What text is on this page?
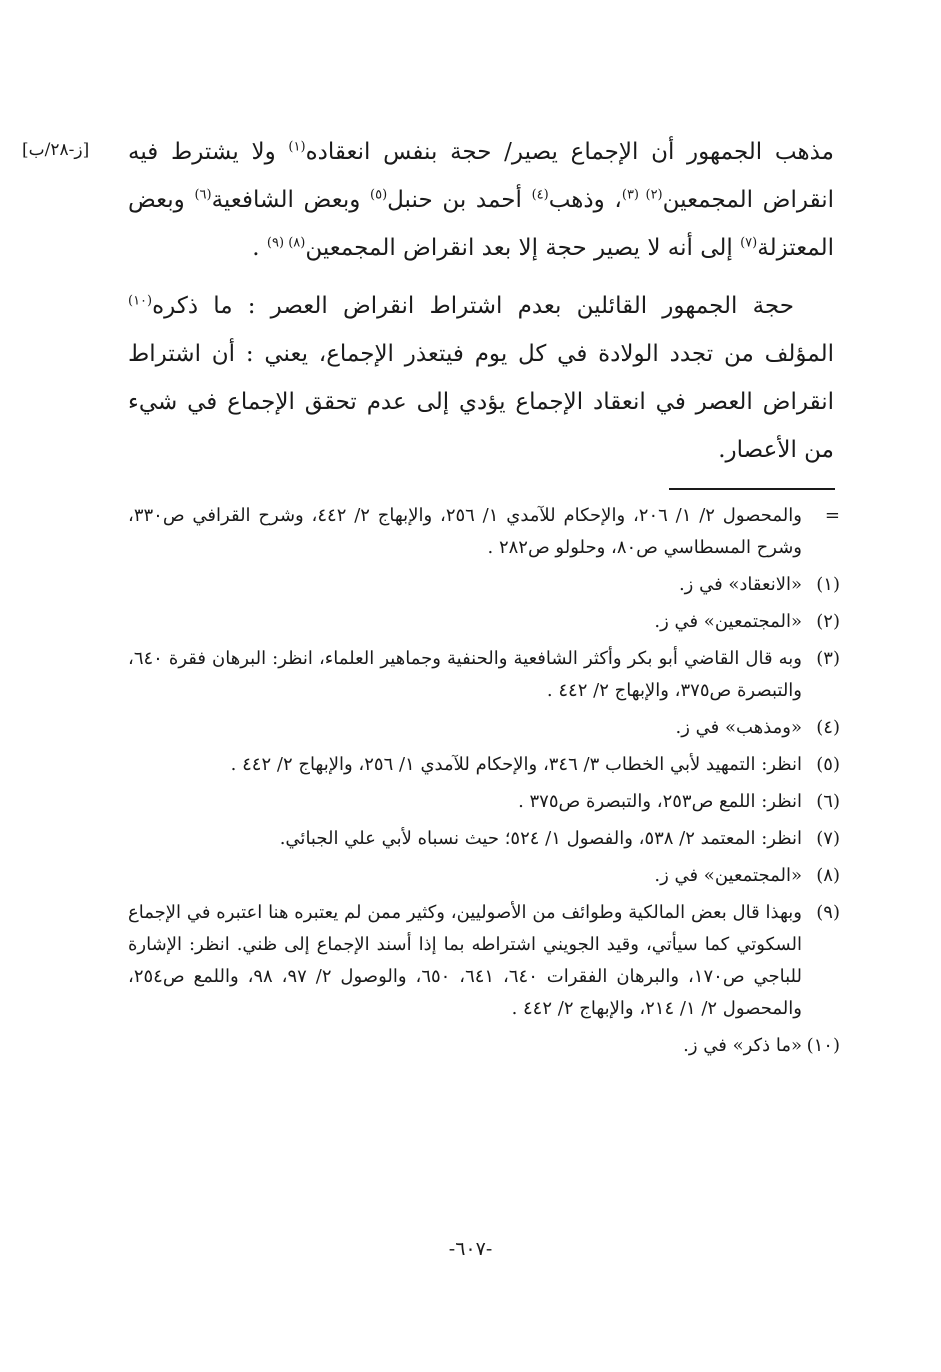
[ز-٢٨/ب]	مذهب الجمهور أن الإجماع يصير/ حجة بنفس انعقاده$^{(١)}$ ولا يشترط فيه انقراض المجمعين$^{(٢) (٣)}$، وذهب$^{(٤)}$ أحمد بن حنبل$^{(٥)}$ وبعض الشافعية$^{(٦)}$ وبعض المعتزلة$^{(٧)}$ إلى أنه لا يصير حجة إلا بعد انقراض المجمعين$^{(٨) (٩)}$ .

حجة الجمهور القائلين بعدم اشتراط انقراض العصر : ما ذكره$^{(١٠)}$ المؤلف من تجدد الولادة في كل يوم فيتعذر الإجماع، يعني : أن اشتراط انقراض العصر في انعقاد الإجماع يؤدي إلى عدم تحقق الإجماع في شيء من الأعصار.

=
والمحصول ٢/ ١/ ٢٠٦، والإحكام للآمدي ١/ ٢٥٦، والإبهاج ٢/ ٤٤٢، وشرح القرافي ص٣٣٠، وشرح المسطاسي ص٨٠، وحلولو ص٢٨٢ .
(١)
«الانعقاد» في ز.
(٢)
«المجتمعين» في ز.
(٣)
وبه قال القاضي أبو بكر وأكثر الشافعية والحنفية وجماهير العلماء، انظر: البرهان فقرة ٦٤٠، والتبصرة ص٣٧٥، والإبهاج ٢/ ٤٤٢ .
(٤)
«ومذهب» في ز.
(٥)
انظر: التمهيد لأبي الخطاب ٣/ ٣٤٦، والإحكام للآمدي ١/ ٢٥٦، والإبهاج ٢/ ٤٤٢ .
(٦)
انظر: اللمع ص٢٥٣، والتبصرة ص٣٧٥ .
(٧)
انظر: المعتمد ٢/ ٥٣٨، والفصول ١/ ٥٢٤؛ حيث نسباه لأبي علي الجبائي.
(٨)
«المجتمعين» في ز.
(٩)
وبهذا قال بعض المالكية وطوائف من الأصوليين، وكثير ممن لم يعتبره هنا اعتبره في الإجماع السكوتي كما سيأتي، وقيد الجويني اشتراطه بما إذا أسند الإجماع إلى ظني. انظر: الإشارة للباجي ص١٧٠، والبرهان الفقرات ٦٤٠، ٦٤١، ٦٥٠، والوصول ٢/ ٩٧، ٩٨، واللمع ص٢٥٤، والمحصول ٢/ ١/ ٢١٤، والإبهاج ٢/ ٤٤٢ .
(١٠)
«ما ذكر» في ز.
-٦٠٧-
